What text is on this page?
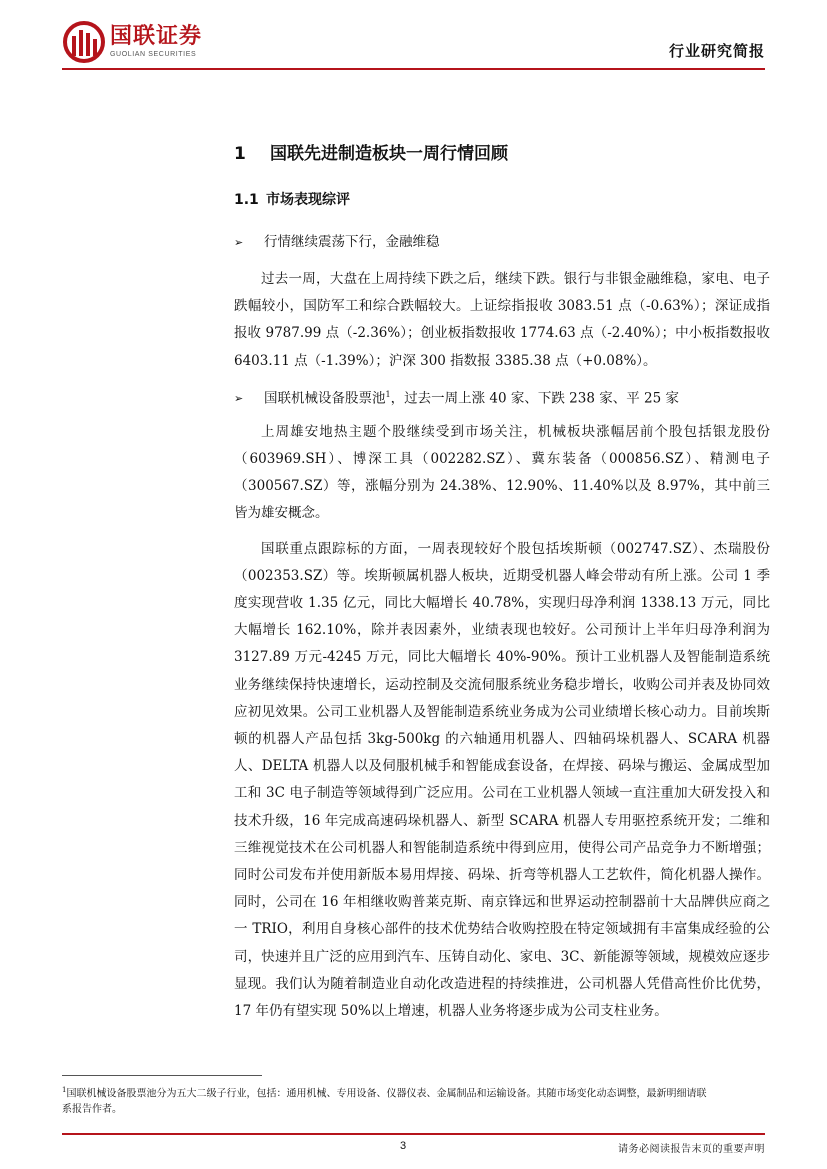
国联证券
GUOLIAN SECURITIES	行业研究简报
1 国联先进制造板块一周行情回顾
1.1 市场表现综评
➢ 行情继续震荡下行，金融维稳

过去一周，大盘在上周持续下跌之后，继续下跌。银行与非银金融维稳，家电、电子跌幅较小，国防军工和综合跌幅较大。上证综指报收 3083.51 点（-0.63%）；深证成指报收 9787.99 点（-2.36%）；创业板指数报收 1774.63 点（-2.40%）；中小板指数报收 6403.11 点（-1.39%）；沪深 300 指数报 3385.38 点（+0.08%）。

➢ 国联机械设备股票池$^1$，过去一周上涨 40 家、下跌 238 家、平 25 家

上周雄安地热主题个股继续受到市场关注，机械板块涨幅居前个股包括银龙股份（603969.SH）、博深工具（002282.SZ）、冀东装备（000856.SZ）、精测电子（300567.SZ）等，涨幅分别为 24.38%、12.90%、11.40%以及 8.97%，其中前三皆为雄安概念。

国联重点跟踪标的方面，一周表现较好个股包括埃斯顿（002747.SZ）、杰瑞股份（002353.SZ）等。埃斯顿属机器人板块，近期受机器人峰会带动有所上涨。公司 1 季度实现营收 1.35 亿元，同比大幅增长 40.78%，实现归母净利润 1338.13 万元，同比大幅增长 162.10%，除并表因素外，业绩表现也较好。公司预计上半年归母净利润为 3127.89 万元-4245 万元，同比大幅增长 40%-90%。预计工业机器人及智能制造系统业务继续保持快速增长，运动控制及交流伺服系统业务稳步增长，收购公司并表及协同效应初见效果。公司工业机器人及智能制造系统业务成为公司业绩增长核心动力。目前埃斯顿的机器人产品包括 3kg-500kg 的六轴通用机器人、四轴码垛机器人、SCARA 机器人、DELTA 机器人以及伺服机械手和智能成套设备，在焊接、码垛与搬运、金属成型加工和 3C 电子制造等领域得到广泛应用。公司在工业机器人领域一直注重加大研发投入和技术升级，16 年完成高速码垛机器人、新型 SCARA 机器人专用驱控系统开发；二维和三维视觉技术在公司机器人和智能制造系统中得到应用，使得公司产品竞争力不断增强；同时公司发布并使用新版本易用焊接、码垛、折弯等机器人工艺软件，简化机器人操作。同时，公司在 16 年相继收购普莱克斯、南京锋远和世界运动控制器前十大品牌供应商之一 TRIO，利用自身核心部件的技术优势结合收购控股在特定领域拥有丰富集成经验的公司，快速并且广泛的应用到汽车、压铸自动化、家电、3C、新能源等领域，规模效应逐步显现。我们认为随着制造业自动化改造进程的持续推进，公司机器人凭借高性价比优势，17 年仍有望实现 50%以上增速，机器人业务将逐步成为公司支柱业务。

$^1$国联机械设备股票池分为五大二级子行业，包括：通用机械、专用设备、仪器仪表、金属制品和运输设备。其随市场变化动态调整，最新明细请联系报告作者。
3	请务必阅读报告末页的重要声明
